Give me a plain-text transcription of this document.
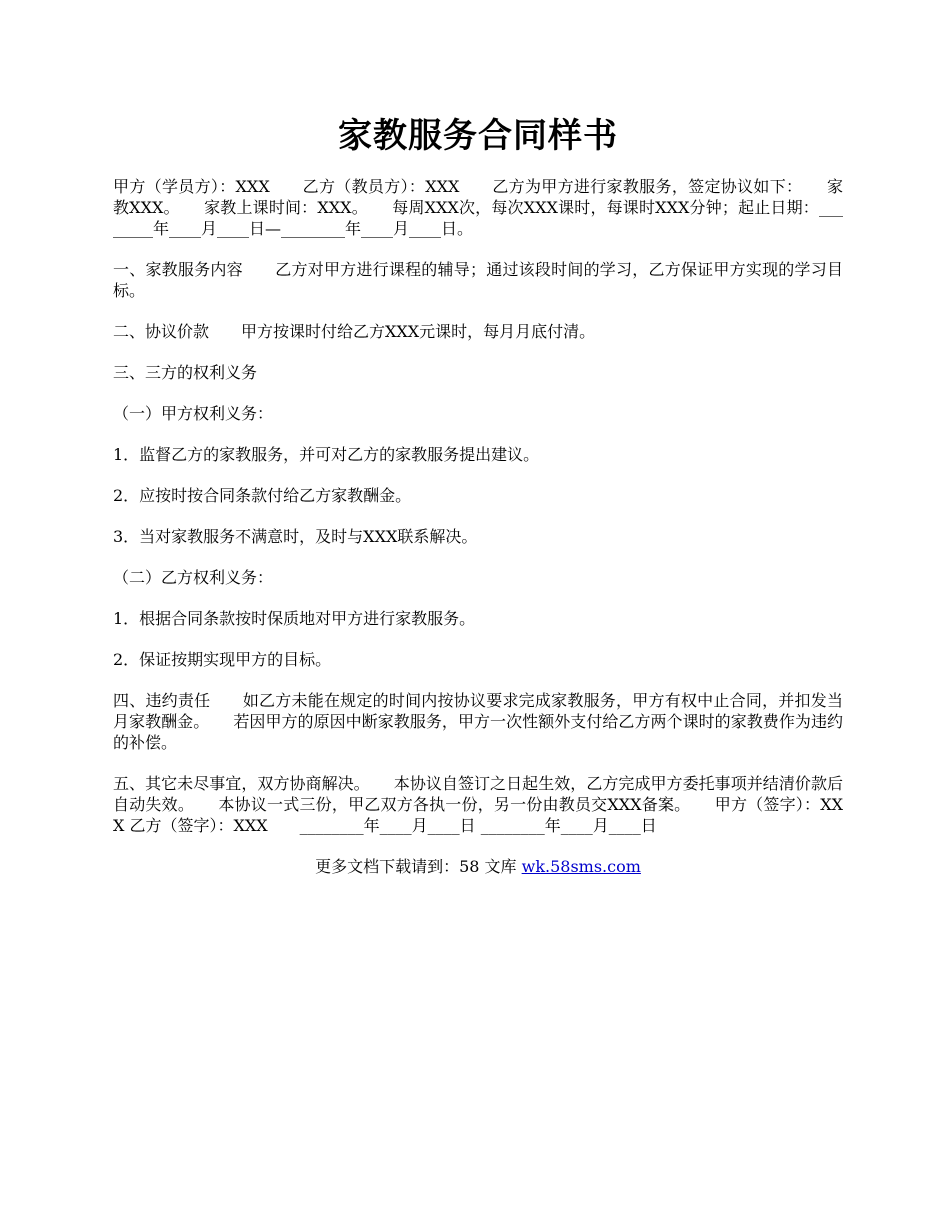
家教服务合同样书

甲方（学员方）：XXX　　乙方（教员方）：XXX　　乙方为甲方进行家教服务，签定协议如下：　　家教XXX。　　家教上课时间：XXX。　　每周XXX次，每次XXX课时，每课时XXX分钟；起止日期：________年____月____日—________年____月____日。

一、家教服务内容　　乙方对甲方进行课程的辅导；通过该段时间的学习，乙方保证甲方实现的学习目标。

二、协议价款　　甲方按课时付给乙方XXX元课时，每月月底付清。

三、三方的权利义务

（一）甲方权利义务：

1．监督乙方的家教服务，并可对乙方的家教服务提出建议。

2．应按时按合同条款付给乙方家教酬金。

3．当对家教服务不满意时，及时与XXX联系解决。

（二）乙方权利义务：

1．根据合同条款按时保质地对甲方进行家教服务。

2．保证按期实现甲方的目标。

四、违约责任　　如乙方未能在规定的时间内按协议要求完成家教服务，甲方有权中止合同，并扣发当月家教酬金。　　若因甲方的原因中断家教服务，甲方一次性额外支付给乙方两个课时的家教费作为违约的补偿。

五、其它未尽事宜，双方协商解决。　　本协议自签订之日起生效，乙方完成甲方委托事项并结清价款后自动失效。　　本协议一式三份，甲乙双方各执一份，另一份由教员交XXX备案。　　甲方（签字）：XXX 乙方（签字）：XXX　　________年____月____日 ________年____月____日

更多文档下载请到：58 文库 wk.58sms.com
